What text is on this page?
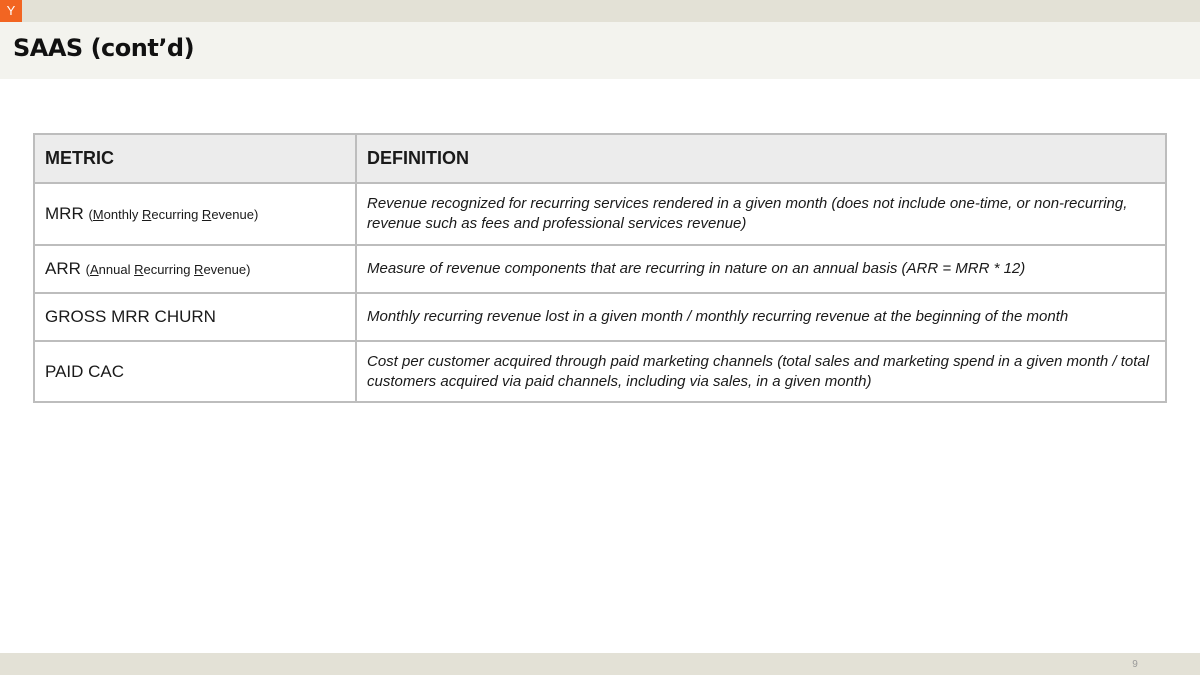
Y
SAAS (cont’d)
METRIC	DEFINITION
MRR (Monthly Recurring Revenue)	Revenue recognized for recurring services rendered in a given month (does not include one-time, or non-recurring, revenue such as fees and professional services revenue)
ARR (Annual Recurring Revenue)	Measure of revenue components that are recurring in nature on an annual basis (ARR = MRR * 12)
GROSS MRR CHURN	Monthly recurring revenue lost in a given month / monthly recurring revenue at the beginning of the month
PAID CAC	Cost per customer acquired through paid marketing channels (total sales and marketing spend in a given month / total customers acquired via paid channels, including via sales, in a given month)
9
